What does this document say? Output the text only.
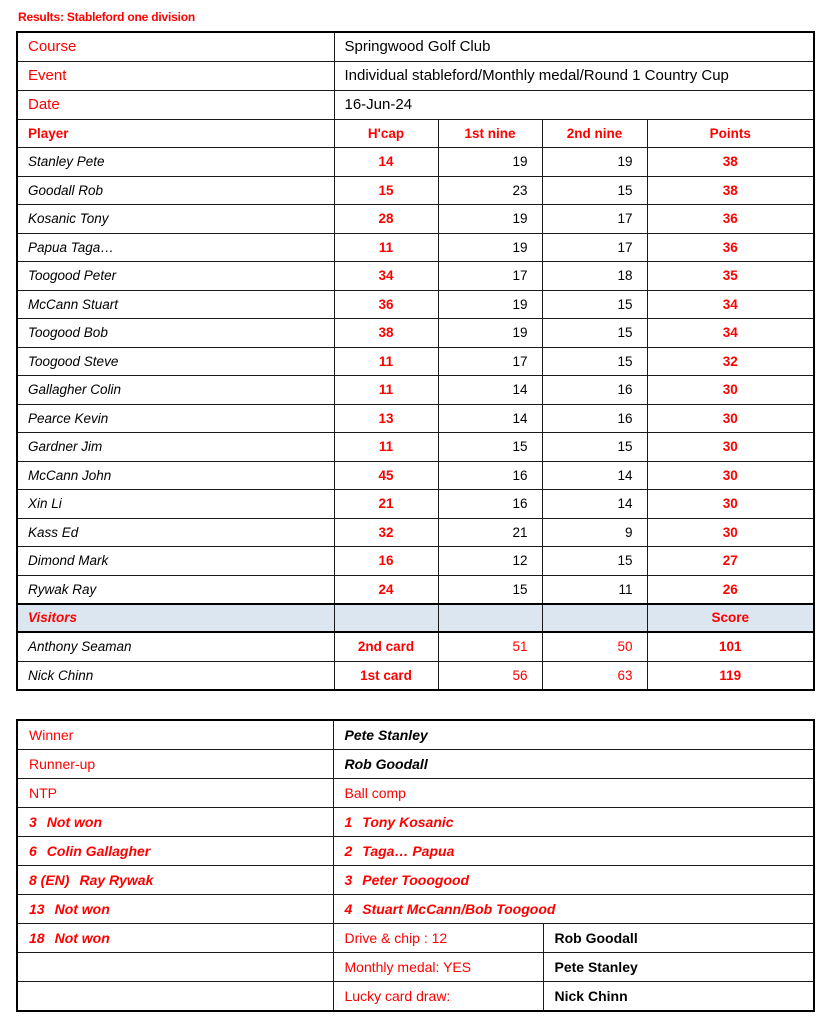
Results: Stableford one division
Course	Springwood Golf Club			
Event	Individual stableford/Monthly medal/Round 1 Country Cup			
Date	16-Jun-24			
Player	H'cap	1st nine	2nd nine	Points
Stanley Pete	14	19	19	38
Goodall Rob	15	23	15	38
Kosanic Tony	28	19	17	36
Papua Taga…	11	19	17	36
Toogood Peter	34	17	18	35
McCann Stuart	36	19	15	34
Toogood Bob	38	19	15	34
Toogood Steve	11	17	15	32
Gallagher Colin	11	14	16	30
Pearce Kevin	13	14	16	30
Gardner Jim	11	15	15	30
McCann John	45	16	14	30
Xin Li	21	16	14	30
Kass Ed	32	21	9	30
Dimond Mark	16	12	15	27
Rywak Ray	24	15	11	26
Visitors				Score
Anthony Seaman	2nd card	51	50	101
Nick Chinn	1st card	56	63	119
Winner	Pete Stanley	
Runner-up	Rob Goodall	
NTP	Ball comp	
3 Not won	1 Tony Kosanic	
6 Colin Gallagher	2 Taga… Papua	
8 (EN) Ray Rywak	3 Peter Tooogood	
13 Not won	4 Stuart McCann/Bob Toogood	
18 Not won	Drive & chip : 12	Rob Goodall
	Monthly medal: YES	Pete Stanley
	Lucky card draw:	Nick Chinn
